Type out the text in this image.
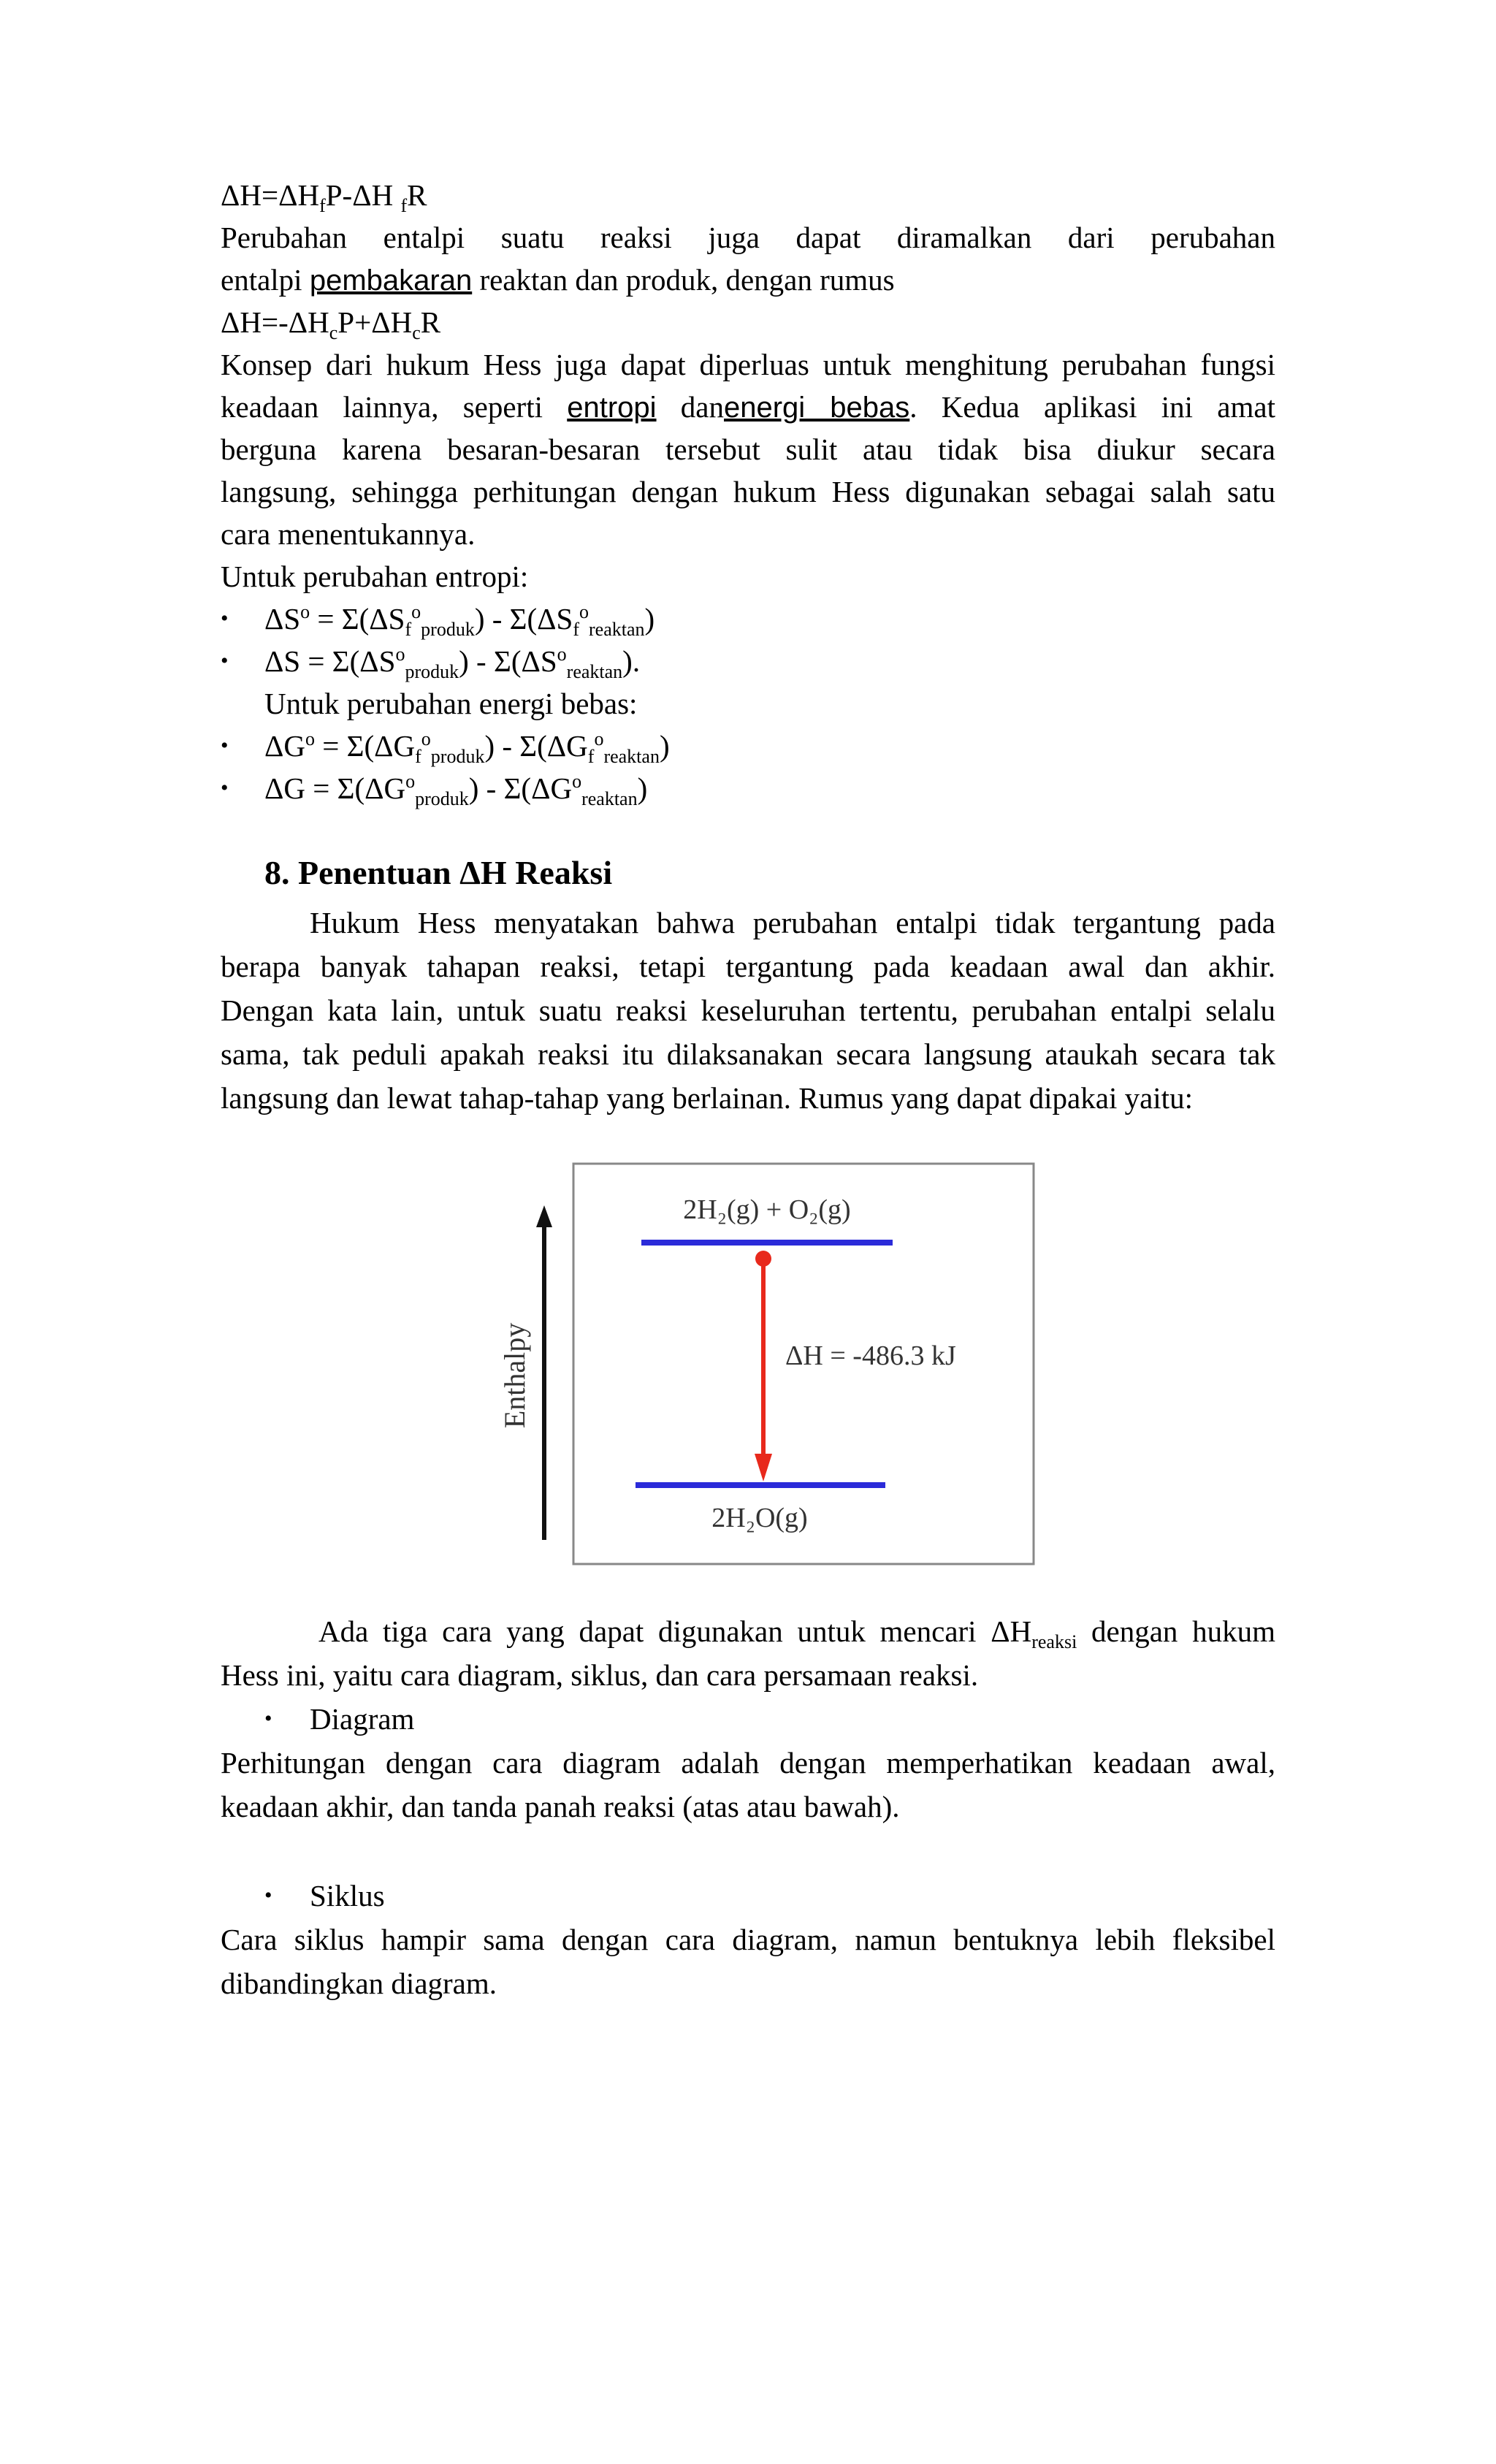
$\Delta H=\Delta H_fP-\Delta H$ $_f$R
Perubahan entalpi suatu reaksi juga dapat diramalkan dari perubahan
entalpi pembakaran reaktan dan produk, dengan rumus
$\Delta H=-\Delta H_cP+\Delta H_cR$
Konsep dari hukum Hess juga dapat diperluas untuk menghitung perubahan fungsi
keadaan lainnya, seperti entropi danenergi bebas. Kedua aplikasi ini amat
berguna karena besaran-besaran tersebut sulit atau tidak bisa diukur secara
langsung, sehingga perhitungan dengan hukum Hess digunakan sebagai salah satu
cara menentukannya.
Untuk perubahan entropi:
• $\Delta S^o = \Sigma(\Delta S_f^o_{produk}) - \Sigma(\Delta S_f^o_{reaktan})$
• $\Delta S = \Sigma(\Delta S^o_{produk}) - \Sigma(\Delta S^o_{reaktan})$.
Untuk perubahan energi bebas:
• $\Delta G^o = \Sigma(\Delta G_f^o_{produk}) - \Sigma(\Delta G_f^o_{reaktan})$
• $\Delta G = \Sigma(\Delta G^o_{produk}) - \Sigma(\Delta G^o_{reaktan})$
8. Penentuan ΔH Reaksi
Hukum Hess menyatakan bahwa perubahan entalpi tidak tergantung pada
berapa banyak tahapan reaksi, tetapi tergantung pada keadaan awal dan akhir.
Dengan kata lain, untuk suatu reaksi keseluruhan tertentu, perubahan entalpi selalu
sama, tak peduli apakah reaksi itu dilaksanakan secara langsung ataukah secara tak
langsung dan lewat tahap-tahap yang berlainan. Rumus yang dapat dipakai yaitu:
Enthalpy
2H₂(g) + O₂(g)
2H₂O(g)
ΔH = -486.3 kJ
Ada tiga cara yang dapat digunakan untuk mencari $\Delta H_{reaksi}$ dengan hukum
Hess ini, yaitu cara diagram, siklus, dan cara persamaan reaksi.
• Diagram
Perhitungan dengan cara diagram adalah dengan memperhatikan keadaan awal,
keadaan akhir, dan tanda panah reaksi (atas atau bawah).
• Siklus
Cara siklus hampir sama dengan cara diagram, namun bentuknya lebih fleksibel
dibandingkan diagram.
